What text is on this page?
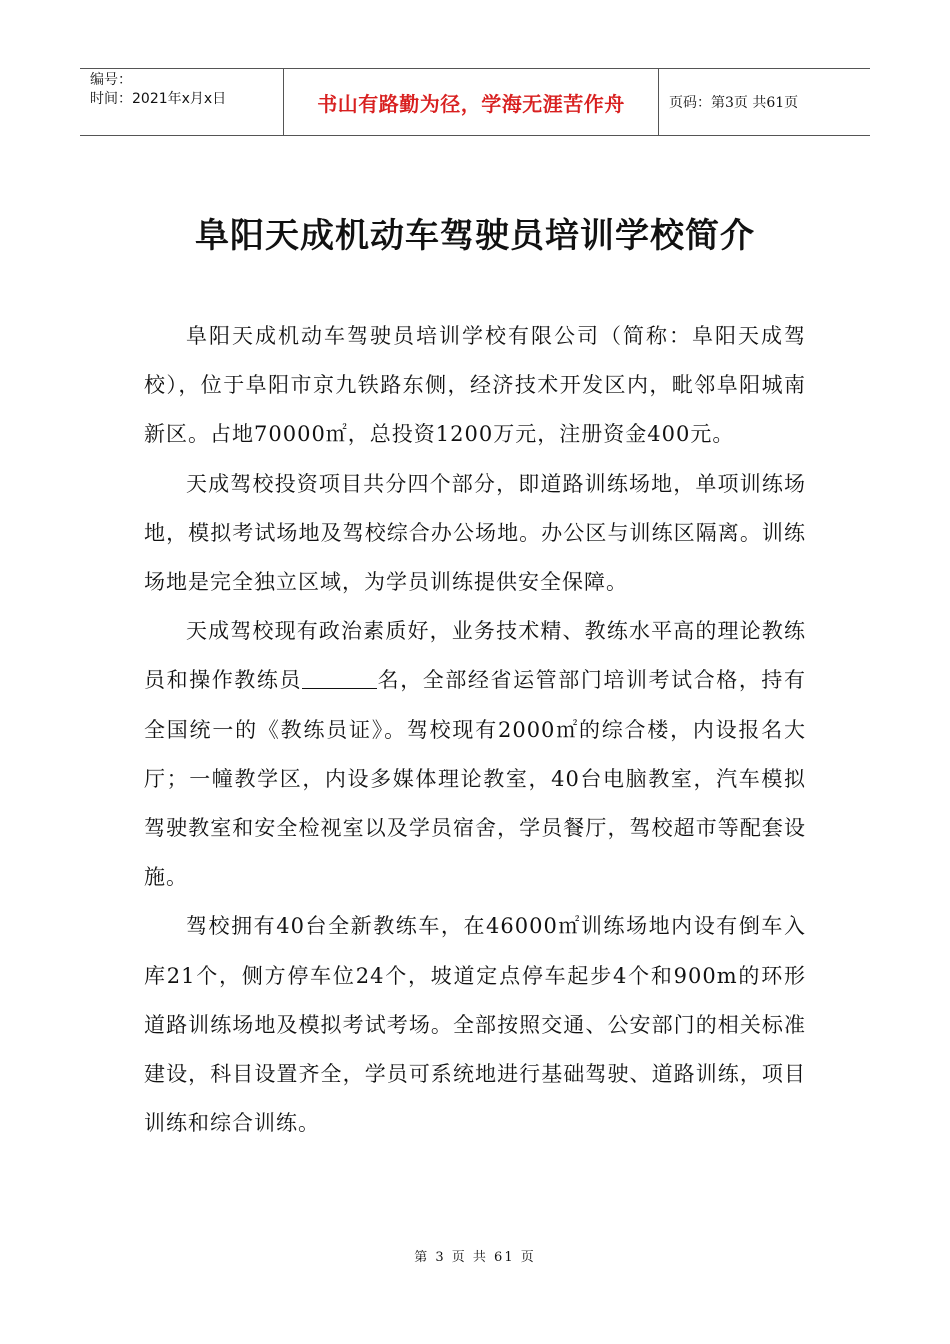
编号：
时间：2021年x月x日	书山有路勤为径，学海无涯苦作舟	页码：第3页 共61页
阜阳天成机动车驾驶员培训学校简介

阜阳天成机动车驾驶员培训学校有限公司（简称：阜阳天成驾校），位于阜阳市京九铁路东侧，经济技术开发区内，毗邻阜阳城南新区。占地70000㎡，总投资1200万元，注册资金400元。

天成驾校投资项目共分四个部分，即道路训练场地，单项训练场地，模拟考试场地及驾校综合办公场地。办公区与训练区隔离。训练场地是完全独立区域，为学员训练提供安全保障。

天成驾校现有政治素质好，业务技术精、教练水平高的理论教练员和操作教练员	名，全部经省运管部门培训考试合格，持有全国统一的《教练员证》。驾校现有2000㎡的综合楼，内设报名大厅；一幢教学区，内设多媒体理论教室，40台电脑教室，汽车模拟驾驶教室和安全检视室以及学员宿舍，学员餐厅，驾校超市等配套设施。

驾校拥有40台全新教练车，在46000㎡训练场地内设有倒车入库21个，侧方停车位24个，坡道定点停车起步4个和900m的环形道路训练场地及模拟考试考场。全部按照交通、公安部门的相关标准建设，科目设置齐全，学员可系统地进行基础驾驶、道路训练，项目训练和综合训练。

第 3 页 共 61 页
